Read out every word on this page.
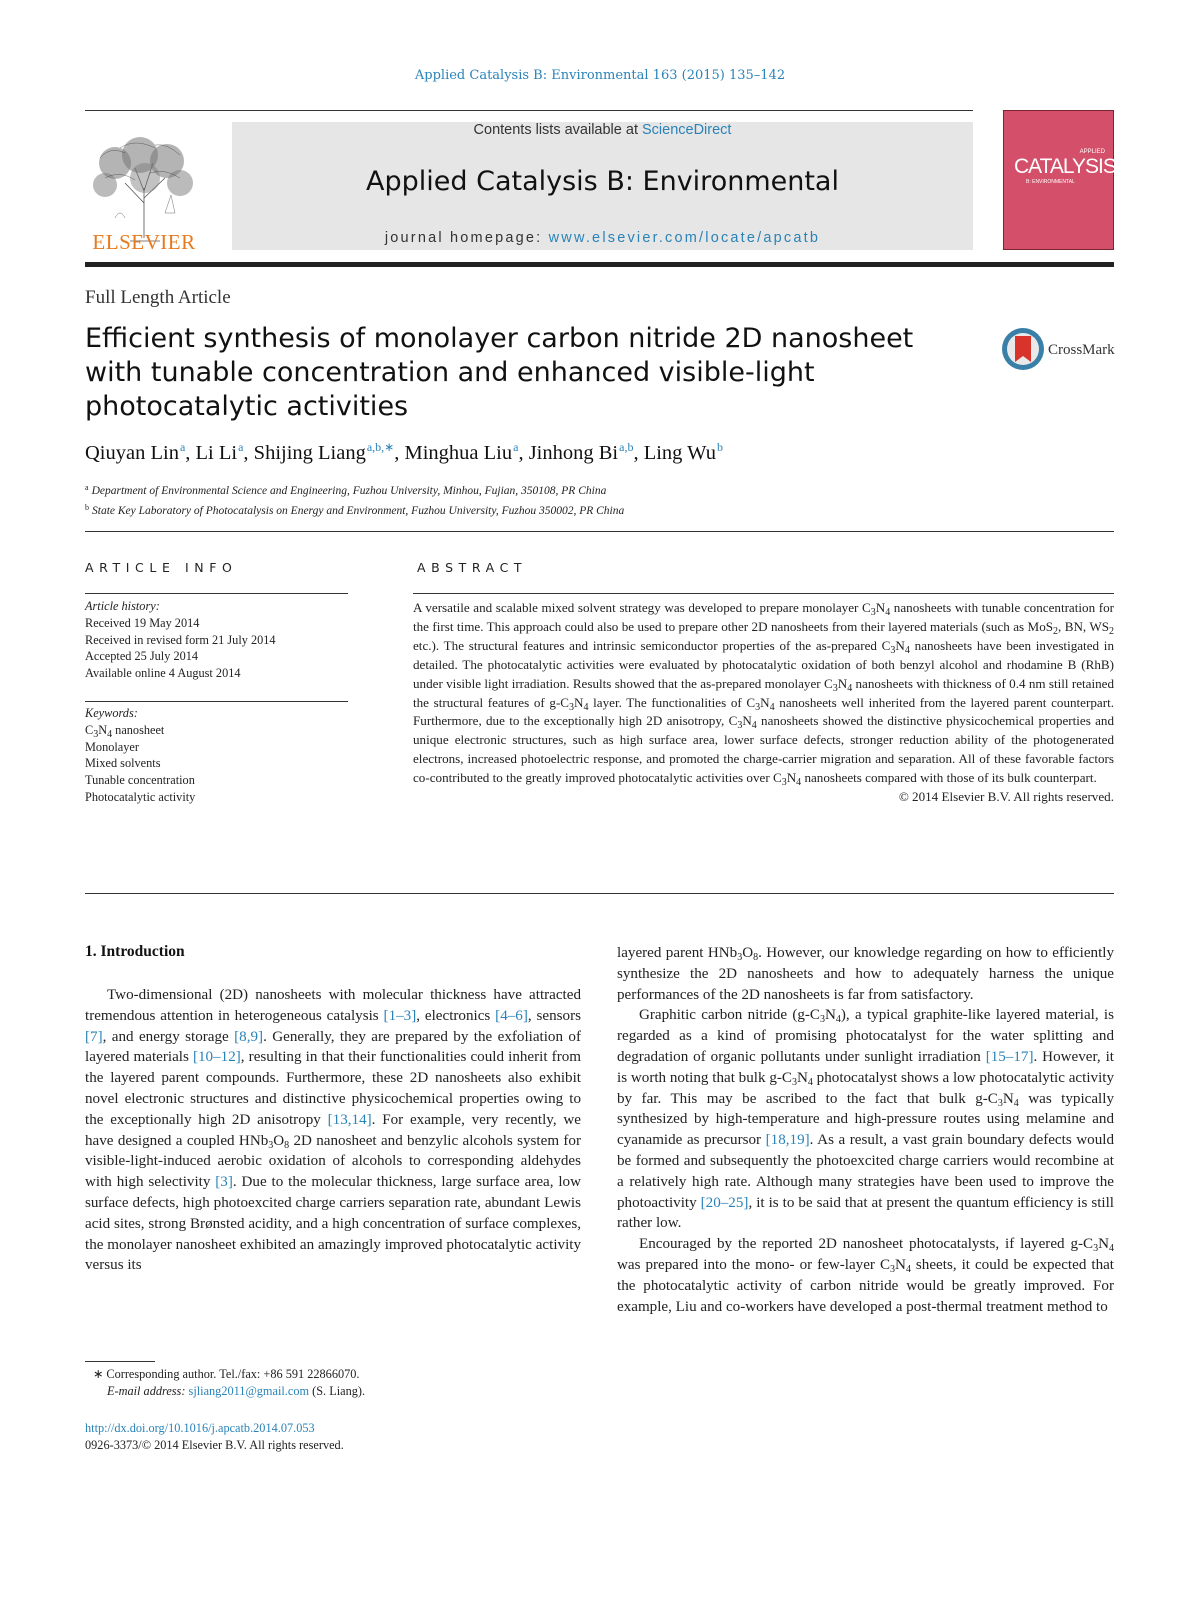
Applied Catalysis B: Environmental 163 (2015) 135–142
ELSEVIER
Contents lists available at ScienceDirect
Applied Catalysis B: Environmental
journal homepage: www.elsevier.com/locate/apcatb
APPLIED
CATALYSIS
B: ENVIRONMENTAL
Full Length Article
Efficient synthesis of monolayer carbon nitride 2D nanosheet with tunable concentration and enhanced visible-light photocatalytic activities
CrossMark
Qiuyan Lin$^a$, Li Li$^a$, Shijing Liang$^{a,b,∗}$, Minghua Liu$^a$, Jinhong Bi$^{a,b}$, Ling Wu$^b$
$^a$ Department of Environmental Science and Engineering, Fuzhou University, Minhou, Fujian, 350108, PR China
$^b$ State Key Laboratory of Photocatalysis on Energy and Environment, Fuzhou University, Fuzhou 350002, PR China
ARTICLE INFO	ABSTRACT
Article history:
Received 19 May 2014
Received in revised form 21 July 2014
Accepted 25 July 2014
Available online 4 August 2014
Keywords:
$C_3N_4$ nanosheet
Monolayer
Mixed solvents
Tunable concentration
Photocatalytic activity

A versatile and scalable mixed solvent strategy was developed to prepare monolayer $C_3N_4$ nanosheets with tunable concentration for the first time. This approach could also be used to prepare other 2D nanosheets from their layered materials (such as MoS$_2$, BN, $WS_2$ etc.). The structural features and intrinsic semiconductor properties of the as-prepared $C_3N_4$ nanosheets have been investigated in detailed. The photocatalytic activities were evaluated by photocatalytic oxidation of both benzyl alcohol and rhodamine B (RhB) under visible light irradiation. Results showed that the as-prepared monolayer $C_3N_4$ nanosheets with thickness of 0.4 nm still retained the structural features of $g-C_3N_4$ layer. The functionalities of $C_3N_4$ nanosheets well inherited from the layered parent counterpart. Furthermore, due to the exceptionally high 2D anisotropy, $C_3N_4$ nanosheets showed the distinctive physicochemical properties and unique electronic structures, such as high surface area, lower surface defects, stronger reduction ability of the photogenerated electrons, increased photoelectric response, and promoted the charge-carrier migration and separation. All of these favorable factors co-contributed to the greatly improved photocatalytic activities over $C_3N_4$ nanosheets compared with those of its bulk counterpart.

© 2014 Elsevier B.V. All rights reserved.

1. Introduction

Two-dimensional (2D) nanosheets with molecular thickness have attracted tremendous attention in heterogeneous catalysis [1–3], electronics [4–6], sensors [7], and energy storage [8,9]. Generally, they are prepared by the exfoliation of layered materials [10–12], resulting in that their functionalities could inherit from the layered parent compounds. Furthermore, these 2D nanosheets also exhibit novel electronic structures and distinctive physicochemical properties owing to the exceptionally high 2D anisotropy [13,14]. For example, very recently, we have designed a coupled $HNb_3O_8$ 2D nanosheet and benzylic alcohols system for visible-light-induced aerobic oxidation of alcohols to corresponding aldehydes with high selectivity [3]. Due to the molecular thickness, large surface area, low surface defects, high photoexcited charge carriers separation rate, abundant Lewis acid sites, strong Brønsted acidity, and a high concentration of surface complexes, the monolayer nanosheet exhibited an amazingly improved photocatalytic activity versus its

layered parent $HNb_3O_8$. However, our knowledge regarding on how to efficiently synthesize the 2D nanosheets and how to adequately harness the unique performances of the 2D nanosheets is far from satisfactory.

Graphitic carbon nitride $(g-C_3N_4)$, a typical graphite-like layered material, is regarded as a kind of promising photocatalyst for the water splitting and degradation of organic pollutants under sunlight irradiation [15–17]. However, it is worth noting that bulk $g-C_3N_4$ photocatalyst shows a low photocatalytic activity by far. This may be ascribed to the fact that bulk $g-C_3N_4$ was typically synthesized by high-temperature and high-pressure routes using melamine and cyanamide as precursor [18,19]. As a result, a vast grain boundary defects would be formed and subsequently the photoexcited charge carriers would recombine at a relatively high rate. Although many strategies have been used to improve the photoactivity [20–25], it is to be said that at present the quantum efficiency is still rather low.

Encouraged by the reported 2D nanosheet photocatalysts, if layered $g-C_3N_4$ was prepared into the mono- or few-layer $C_3N_4$ sheets, it could be expected that the photocatalytic activity of carbon nitride would be greatly improved. For example, Liu and co-workers have developed a post-thermal treatment method to

∗ Corresponding author. Tel./fax: +86 591 22866070.
E-mail address: sjliang2011@gmail.com (S. Liang).
http://dx.doi.org/10.1016/j.apcatb.2014.07.053
0926-3373/© 2014 Elsevier B.V. All rights reserved.
